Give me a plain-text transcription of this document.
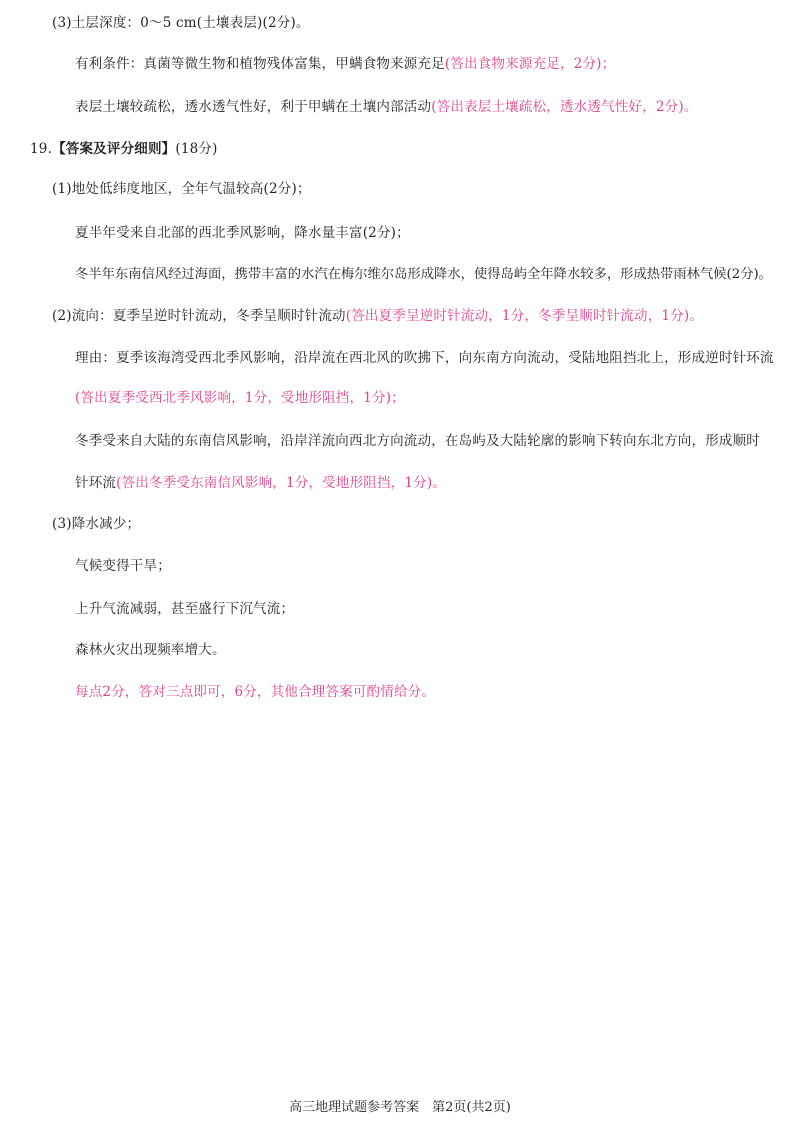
(3)土层深度：0～5 cm(土壤表层)(2分)。
有利条件：真菌等微生物和植物残体富集，甲螨食物来源充足(答出食物来源充足，2分)；
表层土壤较疏松，透水透气性好，利于甲螨在土壤内部活动(答出表层土壤疏松，透水透气性好，2分)。
19.【答案及评分细则】(18分)
(1)地处低纬度地区，全年气温较高(2分)；
夏半年受来自北部的西北季风影响，降水量丰富(2分)；
冬半年东南信风经过海面，携带丰富的水汽在梅尔维尔岛形成降水，使得岛屿全年降水较多，形成热带雨林气候(2分)。
(2)流向：夏季呈逆时针流动，冬季呈顺时针流动(答出夏季呈逆时针流动，1分，冬季呈顺时针流动，1分)。
理由：夏季该海湾受西北季风影响，沿岸流在西北风的吹拂下，向东南方向流动，受陆地阻挡北上，形成逆时针环流
(答出夏季受西北季风影响，1分，受地形阻挡，1分)；
冬季受来自大陆的东南信风影响，沿岸洋流向西北方向流动，在岛屿及大陆轮廓的影响下转向东北方向，形成顺时
针环流(答出冬季受东南信风影响，1分，受地形阻挡，1分)。
(3)降水减少；
气候变得干旱；
上升气流减弱，甚至盛行下沉气流；
森林火灾出现频率增大。
每点2分，答对三点即可，6分，其他合理答案可酌情给分。
高三地理试题参考答案　第2页(共2页)
